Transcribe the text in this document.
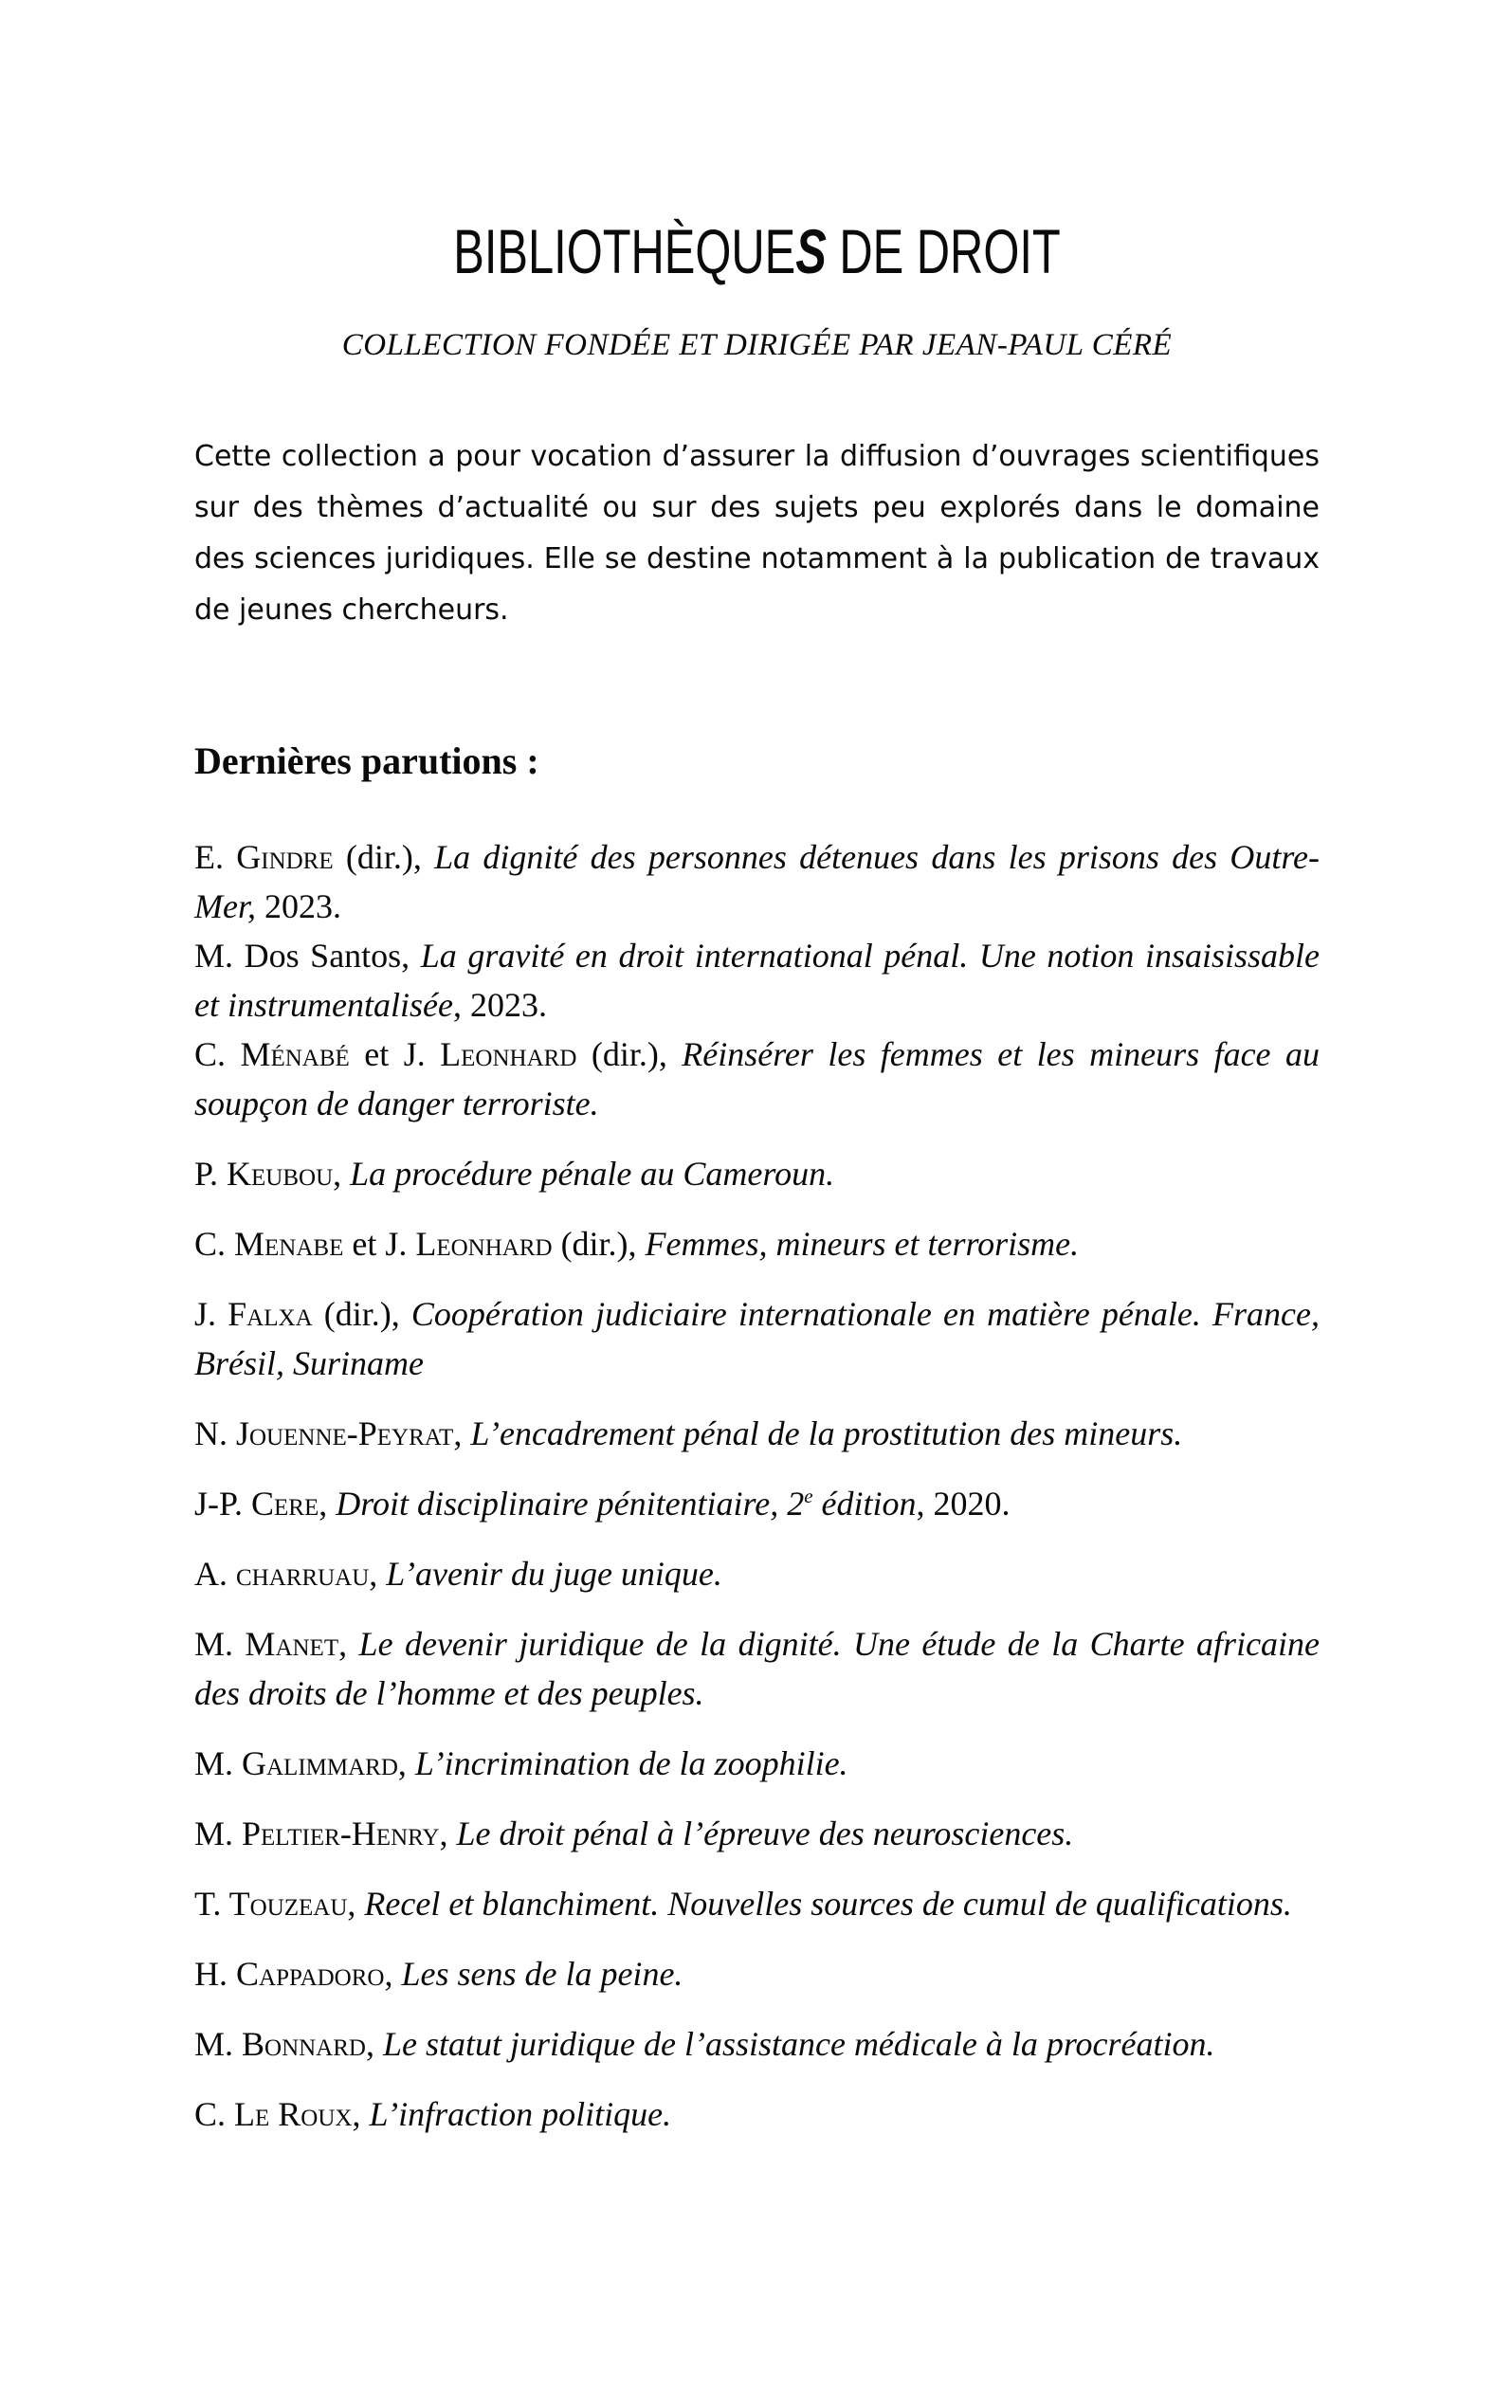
BIBLIOTHÈQUES DE DROIT

COLLECTION FONDÉE ET DIRIGÉE PAR JEAN-PAUL CÉRÉ

Cette collection a pour vocation d’assurer la diffusion d’ouvrages scientifiques sur des thèmes d’actualité ou sur des sujets peu explorés dans le domaine des sciences juridiques. Elle se destine notamment à la publication de travaux de jeunes chercheurs.

Dernières parutions :

E. Gindre (dir.), La dignité des personnes détenues dans les prisons des Outre-Mer, 2023.

M. Dos Santos, La gravité en droit international pénal. Une notion insaisissable et instrumentalisée, 2023.

C. Ménabé et J. Leonhard (dir.), Réinsérer les femmes et les mineurs face au soupçon de danger terroriste.

P. Keubou, La procédure pénale au Cameroun.

C. Menabe et J. Leonhard (dir.), Femmes, mineurs et terrorisme.

J. Falxa (dir.), Coopération judiciaire internationale en matière pénale. France, Brésil, Suriname

N. Jouenne-Peyrat, L’encadrement pénal de la prostitution des mineurs.

J-P. Cere, Droit disciplinaire pénitentiaire, 2e édition, 2020.

A. charruau, L’avenir du juge unique.

M. Manet, Le devenir juridique de la dignité. Une étude de la Charte africaine des droits de l’homme et des peuples.

M. Galimmard, L’incrimination de la zoophilie.

M. Peltier-Henry, Le droit pénal à l’épreuve des neurosciences.

T. Touzeau, Recel et blanchiment. Nouvelles sources de cumul de qualifications.

H. Cappadoro, Les sens de la peine.

M. Bonnard, Le statut juridique de l’assistance médicale à la procréation.

C. Le Roux, L’infraction politique.
